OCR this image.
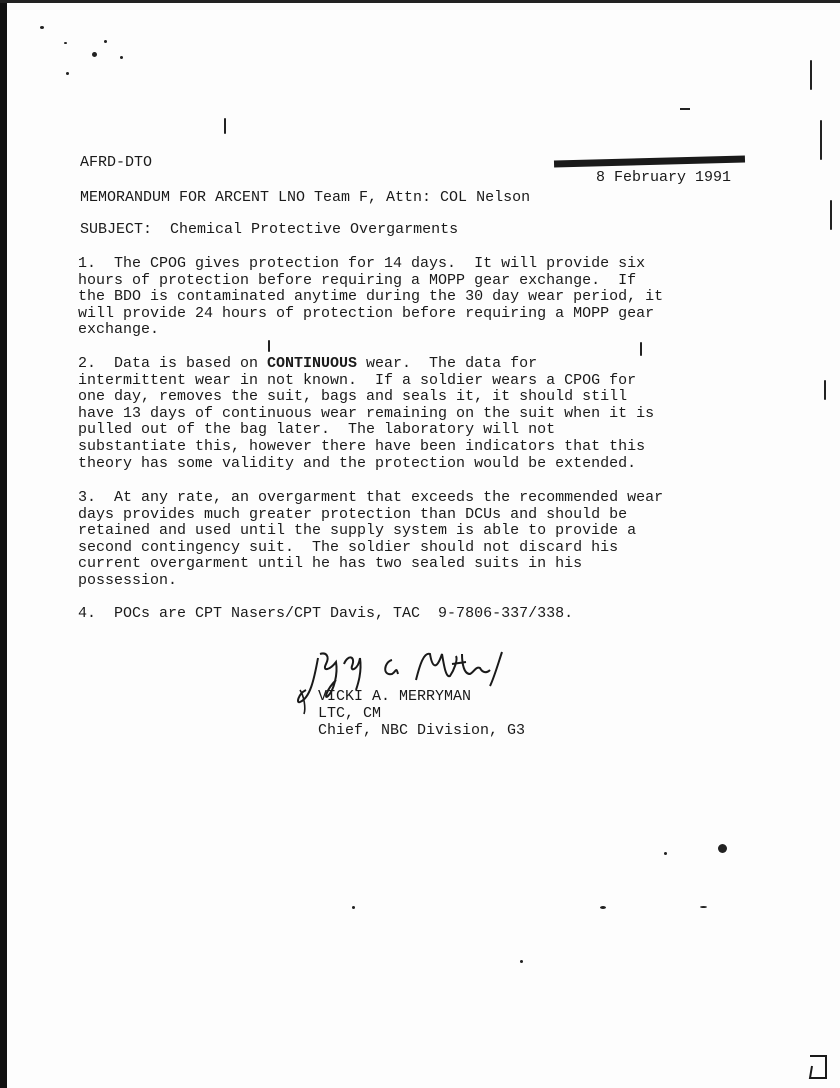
AFRD-DTO

8 February 1991

MEMORANDUM FOR ARCENT LNO Team F, Attn: COL Nelson
SUBJECT: Chemical Protective Overgarments
1.  The CPOG gives protection for 14 days.  It will provide six
hours of protection before requiring a MOPP gear exchange.  If
the BDO is contaminated anytime during the 30 day wear period, it
will provide 24 hours of protection before requiring a MOPP gear
exchange.
2.  Data is based on CONTINUOUS wear.  The data for
intermittent wear in not known.  If a soldier wears a CPOG for
one day, removes the suit, bags and seals it, it should still
have 13 days of continuous wear remaining on the suit when it is
pulled out of the bag later.  The laboratory will not
substantiate this, however there have been indicators that this
theory has some validity and the protection would be extended.
3.  At any rate, an overgarment that exceeds the recommended wear
days provides much greater protection than DCUs and should be
retained and used until the supply system is able to provide a
second contingency suit.  The soldier should not discard his
current overgarment until he has two sealed suits in his
possession.
4.  POCs are CPT Nasers/CPT Davis, TAC  9-7806-337/338.
VICKI A. MERRYMAN
LTC, CM
Chief, NBC Division, G3
